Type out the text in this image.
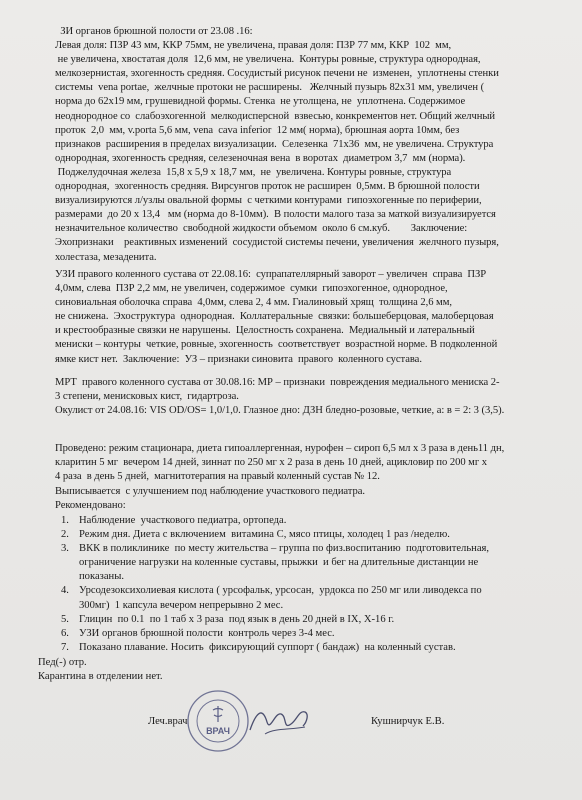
ЗИ органов брюшной полости от 23.08 .16:
Левая доля: ПЗР 43 мм, ККР 75мм, не увеличена, правая доля: ПЗР 77 мм, ККР  102  мм,
не увеличена, хвостатая доля  12,6 мм, не увеличена.  Контуры ровные, структура однородная,
мелкозернистая, эхогенность средняя. Сосудистый рисунок печени не  изменен,  уплотнены стенки
системы  vena portae,  желчные протоки не расширены.   Желчный пузырь 82х31 мм, увеличен (
норма до 62х19 мм, грушевидной формы. Стенка  не утолщена, не  уплотнена. Содержимое
неоднородное со  слабоэхогенной  мелкодисперсной  взвесью, конкрементов нет. Общий желчный
проток  2,0  мм, v.porta 5,6 мм, vena  cava inferior  12 мм( норма), брюшная аорта 10мм, без
признаков  расширения в пределах визуализации.  Селезенка  71х36  мм, не увеличена. Структура
однородная, эхогенность средняя, селезеночная вена  в воротах  диаметром 3,7  мм (норма).
Поджелудочная железа  15,8 х 5,9 х 18,7 мм,  не  увеличена. Контуры ровные, структура
однородная,  эхогенность средняя. Вирсунгов проток не расширен  0,5мм. В брюшной полости
визуализируются л/узлы овальной формы  с четкими контурами  гипоэхогенные по периферии,
размерами  до 20 х 13,4   мм (норма до 8-10мм).  В полости малого таза за маткой визуализируется
незначительное количество  свободной жидкости объемом  около 6 см.куб.        Заключение:
Эхопризнаки    реактивных изменений  сосудистой системы печени, увеличения  желчного пузыря,
холестаза, мезаденита.
УЗИ правого коленного сустава от 22.08.16:  супрапателлярный заворот – увеличен  справа  ПЗР
4,0мм, слева  ПЗР 2,2 мм, не увеличен, содержимое  сумки  гипоэхогенное, однородное,
синовиальная оболочка справа  4,0мм, слева 2, 4 мм. Гиалиновый хрящ  толщина 2,6 мм,
не снижена.  Эхоструктура  однородная.  Коллатеральные  связки: большеберцовая, малоберцовая
и крестообразные связки не нарушены.  Целостность сохранена.  Медиальный и латеральный
мениски – контуры  четкие, ровные, эхогенность  соответствует  возрастной норме. В подколенной
ямке кист нет.  Заключение:  УЗ – признаки синовита  правого  коленного сустава.
МРТ  правого коленного сустава от 30.08.16: МР – признаки  повреждения медиального мениска 2-
3 степени, менисковых кист,  гидартроза.
Окулист от 24.08.16: VIS OD/OS= 1,0/1,0. Глазное дно: ДЗН бледно-розовые, четкие, а: в = 2: 3 (3,5).
Проведено: режим стационара, диета гипоаллергенная, нурофен – сироп 6,5 мл х 3 раза в день11 дн,
кларитин 5 мг  вечером 14 дней, зиннат по 250 мг х 2 раза в день 10 дней, ацикловир по 200 мг х
4 раза  в день 5 дней,  магнитотерапия на правый коленный сустав № 12.
Выписывается  с улучшением под наблюдение участкового педиатра.
Рекомендовано:
1. Наблюдение  участкового педиатра, ортопеда.
2. Режим дня. Диета с включением  витамина С, мясо птицы, холодец 1 раз /неделю.
3. ВКК в поликлинике  по месту жительства – группа по физ.воспитанию  подготовительная,
ограничение нагрузки на коленные суставы, прыжки  и бег на длительные дистанции не
показаны.
4. Урсодезоксихолиевая кислота ( урсофальк, урсосан,  урдокса по 250 мг или ливодекса по
300мг)  1 капсула вечером непрерывно 2 мес.
5. Глицин  по 0.1  по 1 таб х 3 раза  под язык в день 20 дней в IX, X-16 г.
6. УЗИ органов брюшной полости  контроль через 3-4 мес.
7. Показано плавание. Носить  фиксирующий суппорт ( бандаж)  на коленный сустав.
Пед(-) отр.
Карантина в отделении нет.
ВРАЧ
Леч.врач	Кушнирчук Е.В.
